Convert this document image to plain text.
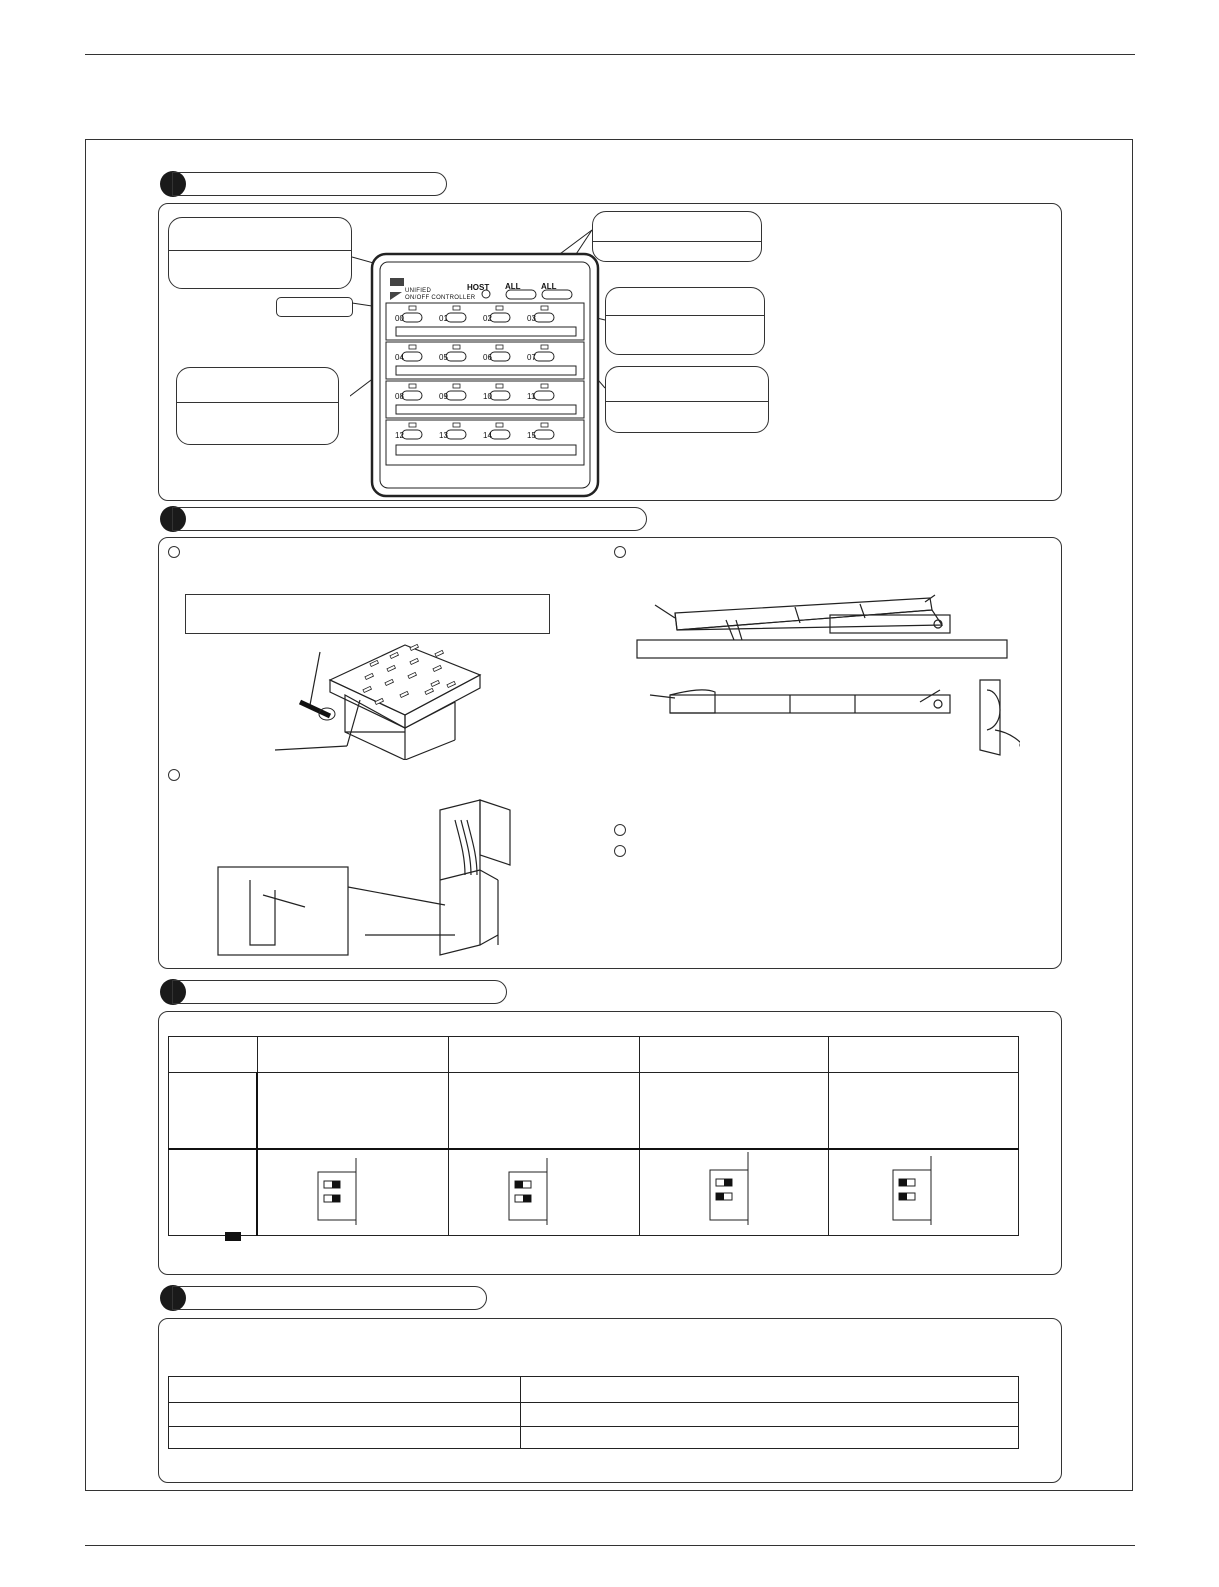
HOST ALL	ALL
UNIFIED
ON/OFF CONTROLLER
00	01	02	03
04	05	06	07
08	09	10	11
12	13	14	15
